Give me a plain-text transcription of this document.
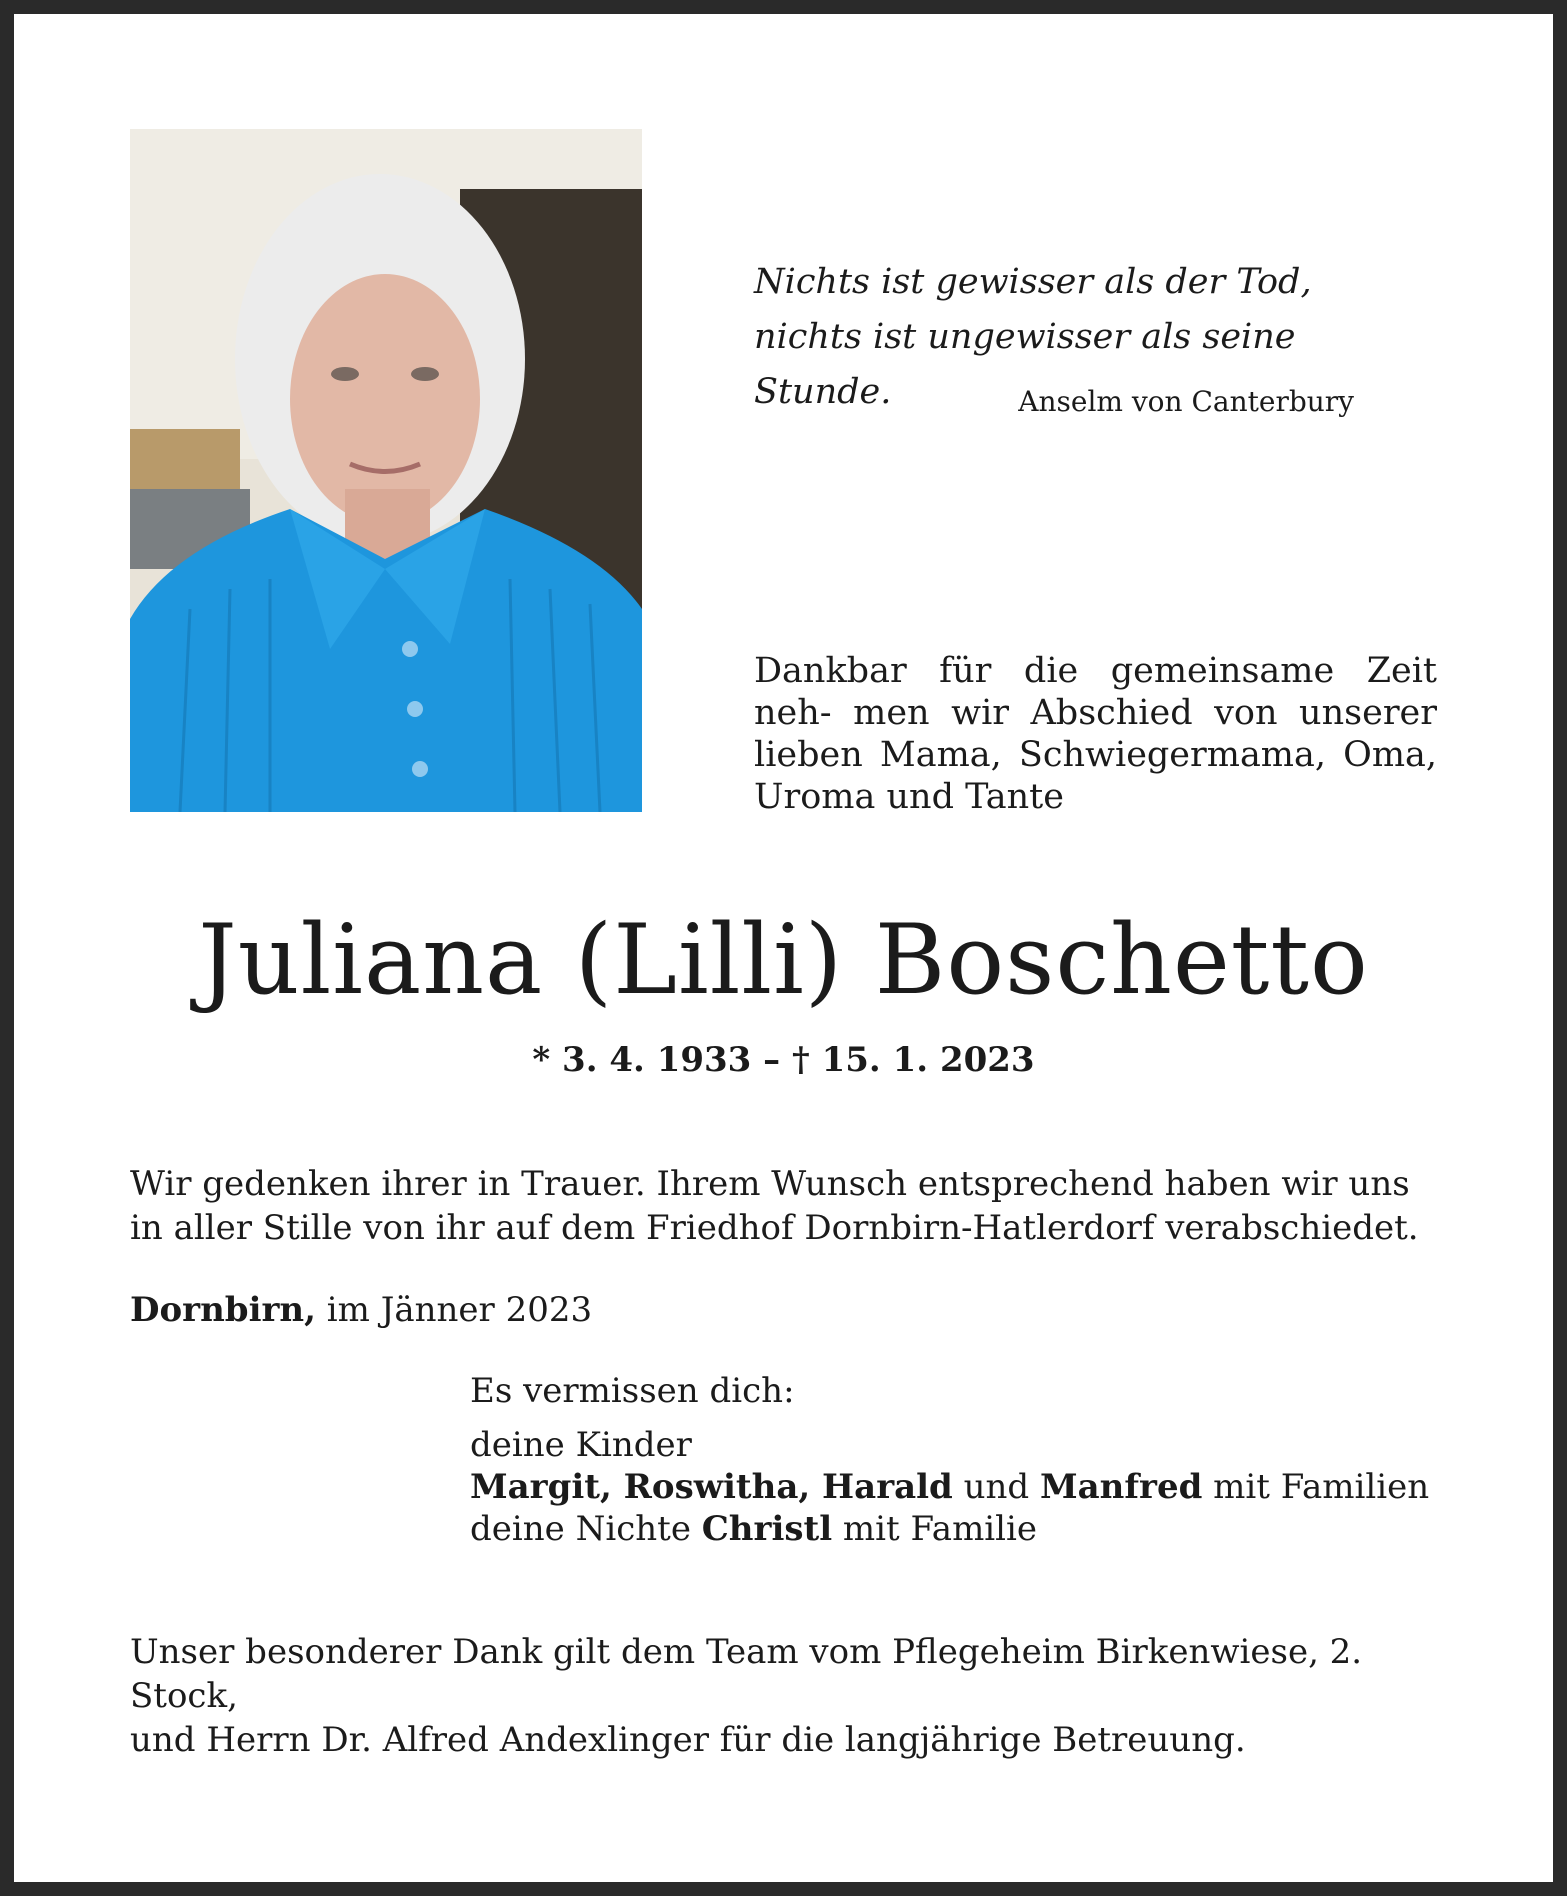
Nichts ist gewisser als der Tod,
nichts ist ungewisser als seine Stunde.	Anselm von Canterbury
Dankbar für die gemeinsame Zeit neh- men wir Abschied von unserer lieben Mama, Schwiegermama, Oma, Uroma und Tante
Juliana (Lilli) Boschetto
* 3. 4. 1933 – † 15. 1. 2023
Wir gedenken ihrer in Trauer. Ihrem Wunsch entsprechend haben wir uns
in aller Stille von ihr auf dem Friedhof Dornbirn-Hatlerdorf verabschiedet.
Dornbirn, im Jänner 2023
Es vermissen dich:
deine Kinder
Margit, Roswitha, Harald und Manfred mit Familien
deine Nichte Christl mit Familie
Unser besonderer Dank gilt dem Team vom Pflegeheim Birkenwiese, 2. Stock,
und Herrn Dr. Alfred Andexlinger für die langjährige Betreuung.
